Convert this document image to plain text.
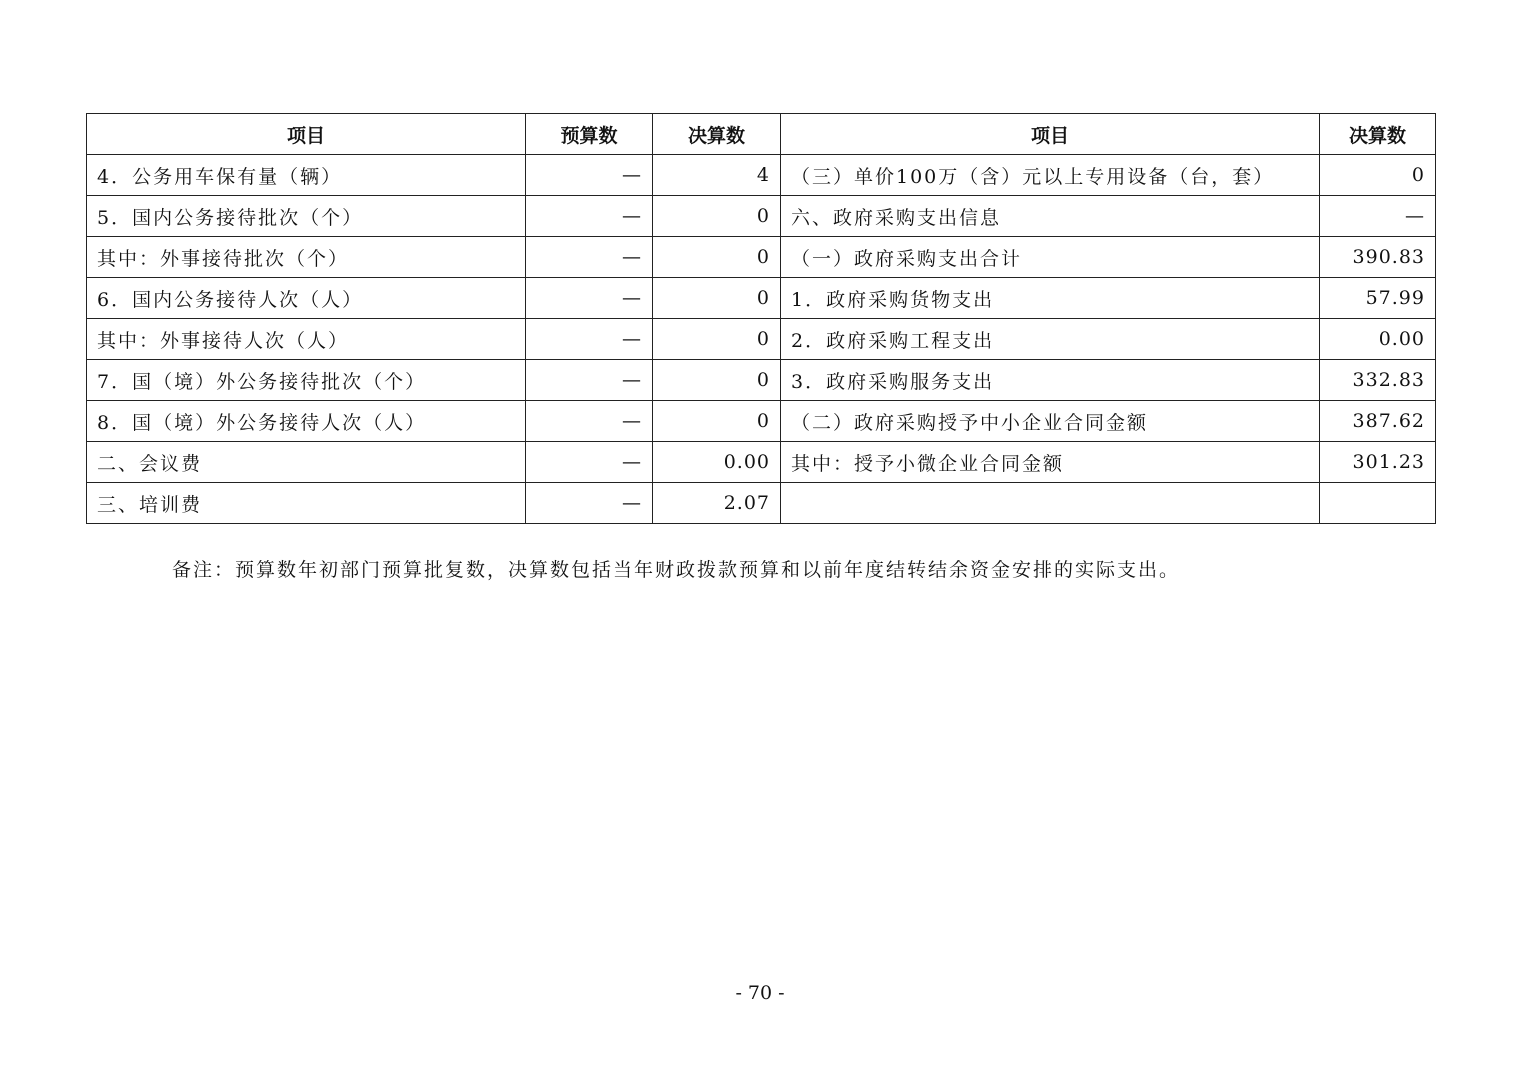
项目	预算数	决算数	项目	决算数
4．公务用车保有量（辆）	—	4	（三）单价100万（含）元以上专用设备（台，套）	0
5．国内公务接待批次（个）	—	0	六、政府采购支出信息	—
其中：外事接待批次（个）	—	0	（一）政府采购支出合计	390.83
6．国内公务接待人次（人）	—	0	1．政府采购货物支出	57.99
其中：外事接待人次（人）	—	0	2．政府采购工程支出	0.00
7．国（境）外公务接待批次（个）	—	0	3．政府采购服务支出	332.83
8．国（境）外公务接待人次（人）	—	0	（二）政府采购授予中小企业合同金额	387.62
二、会议费	—	0.00	其中：授予小微企业合同金额	301.23
三、培训费	—	2.07		
备注：预算数年初部门预算批复数，决算数包括当年财政拨款预算和以前年度结转结余资金安排的实际支出。
- 70 -
